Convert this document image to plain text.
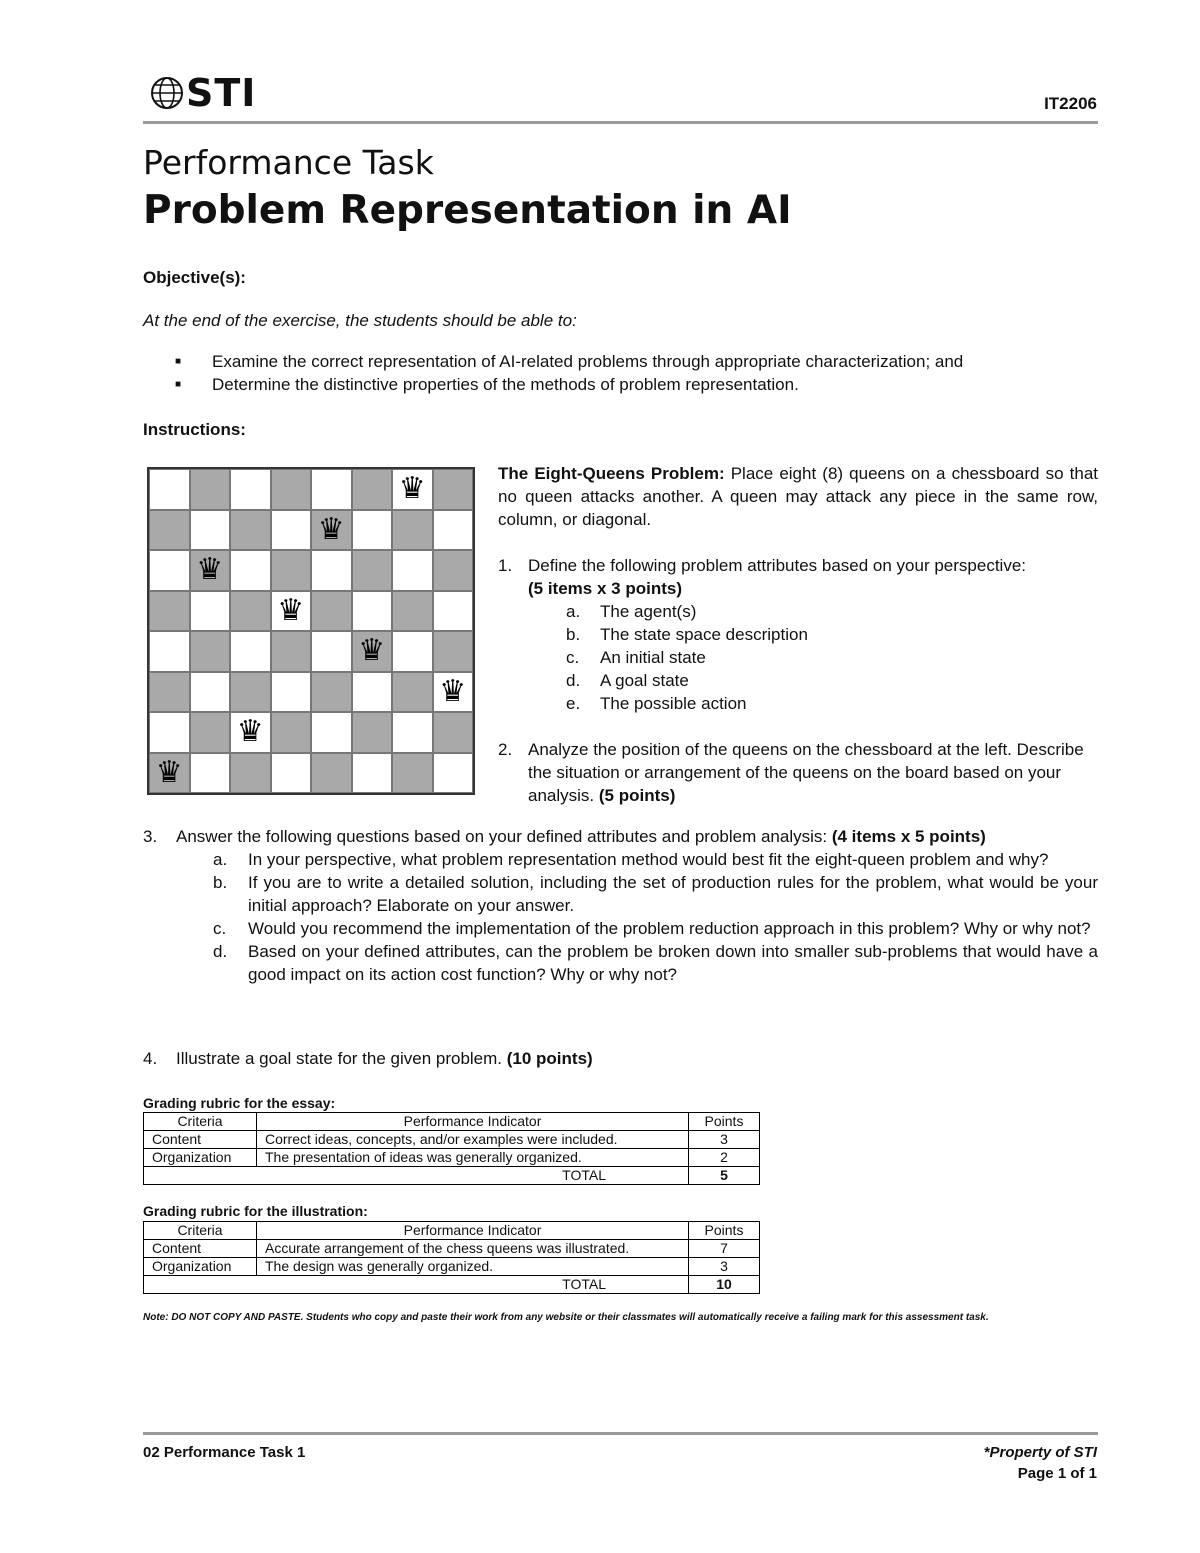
STI	IT2206
Performance Task
Problem Representation in AI
Objective(s):
At the end of the exercise, the students should be able to:
■	Examine the correct representation of AI-related problems through appropriate characterization; and
■	Determine the distinctive properties of the methods of problem representation.
Instructions:
♛
♛
♛
♛
♛
♛
♛
♛

The Eight-Queens Problem: Place eight (8) queens on a chessboard so that no queen attacks another. A queen may attack any piece in the same row, column, or diagonal.

1. Define the following problem attributes based on your perspective:
(5 items x 3 points)
a.	The agent(s)
b.	The state space description
c.	An initial state
d.	A goal state
e.	The possible action
2. Analyze the position of the queens on the chessboard at the left. Describe the situation or arrangement of the queens on the board based on your analysis. (5 points)
3.	Answer the following questions based on your defined attributes and problem analysis: (4 items x 5 points)
a.	In your perspective, what problem representation method would best fit the eight-queen problem and why?
b.	If you are to write a detailed solution, including the set of production rules for the problem, what would be your initial approach? Elaborate on your answer.
c.	Would you recommend the implementation of the problem reduction approach in this problem? Why or why not?
d.	Based on your defined attributes, can the problem be broken down into smaller sub-problems that would have a good impact on its action cost function? Why or why not?
4.	Illustrate a goal state for the given problem. (10 points)
Grading rubric for the essay:
Criteria	Performance Indicator	Points
Content	Correct ideas, concepts, and/or examples were included.	3
Organization	The presentation of ideas was generally organized.	2
TOTAL		5
Grading rubric for the illustration:
Criteria	Performance Indicator	Points
Content	Accurate arrangement of the chess queens was illustrated.	7
Organization	The design was generally organized.	3
TOTAL		10
Note: DO NOT COPY AND PASTE. Students who copy and paste their work from any website or their classmates will automatically receive a failing mark for this assessment task.
02 Performance Task 1	*Property of STI
Page 1 of 1
